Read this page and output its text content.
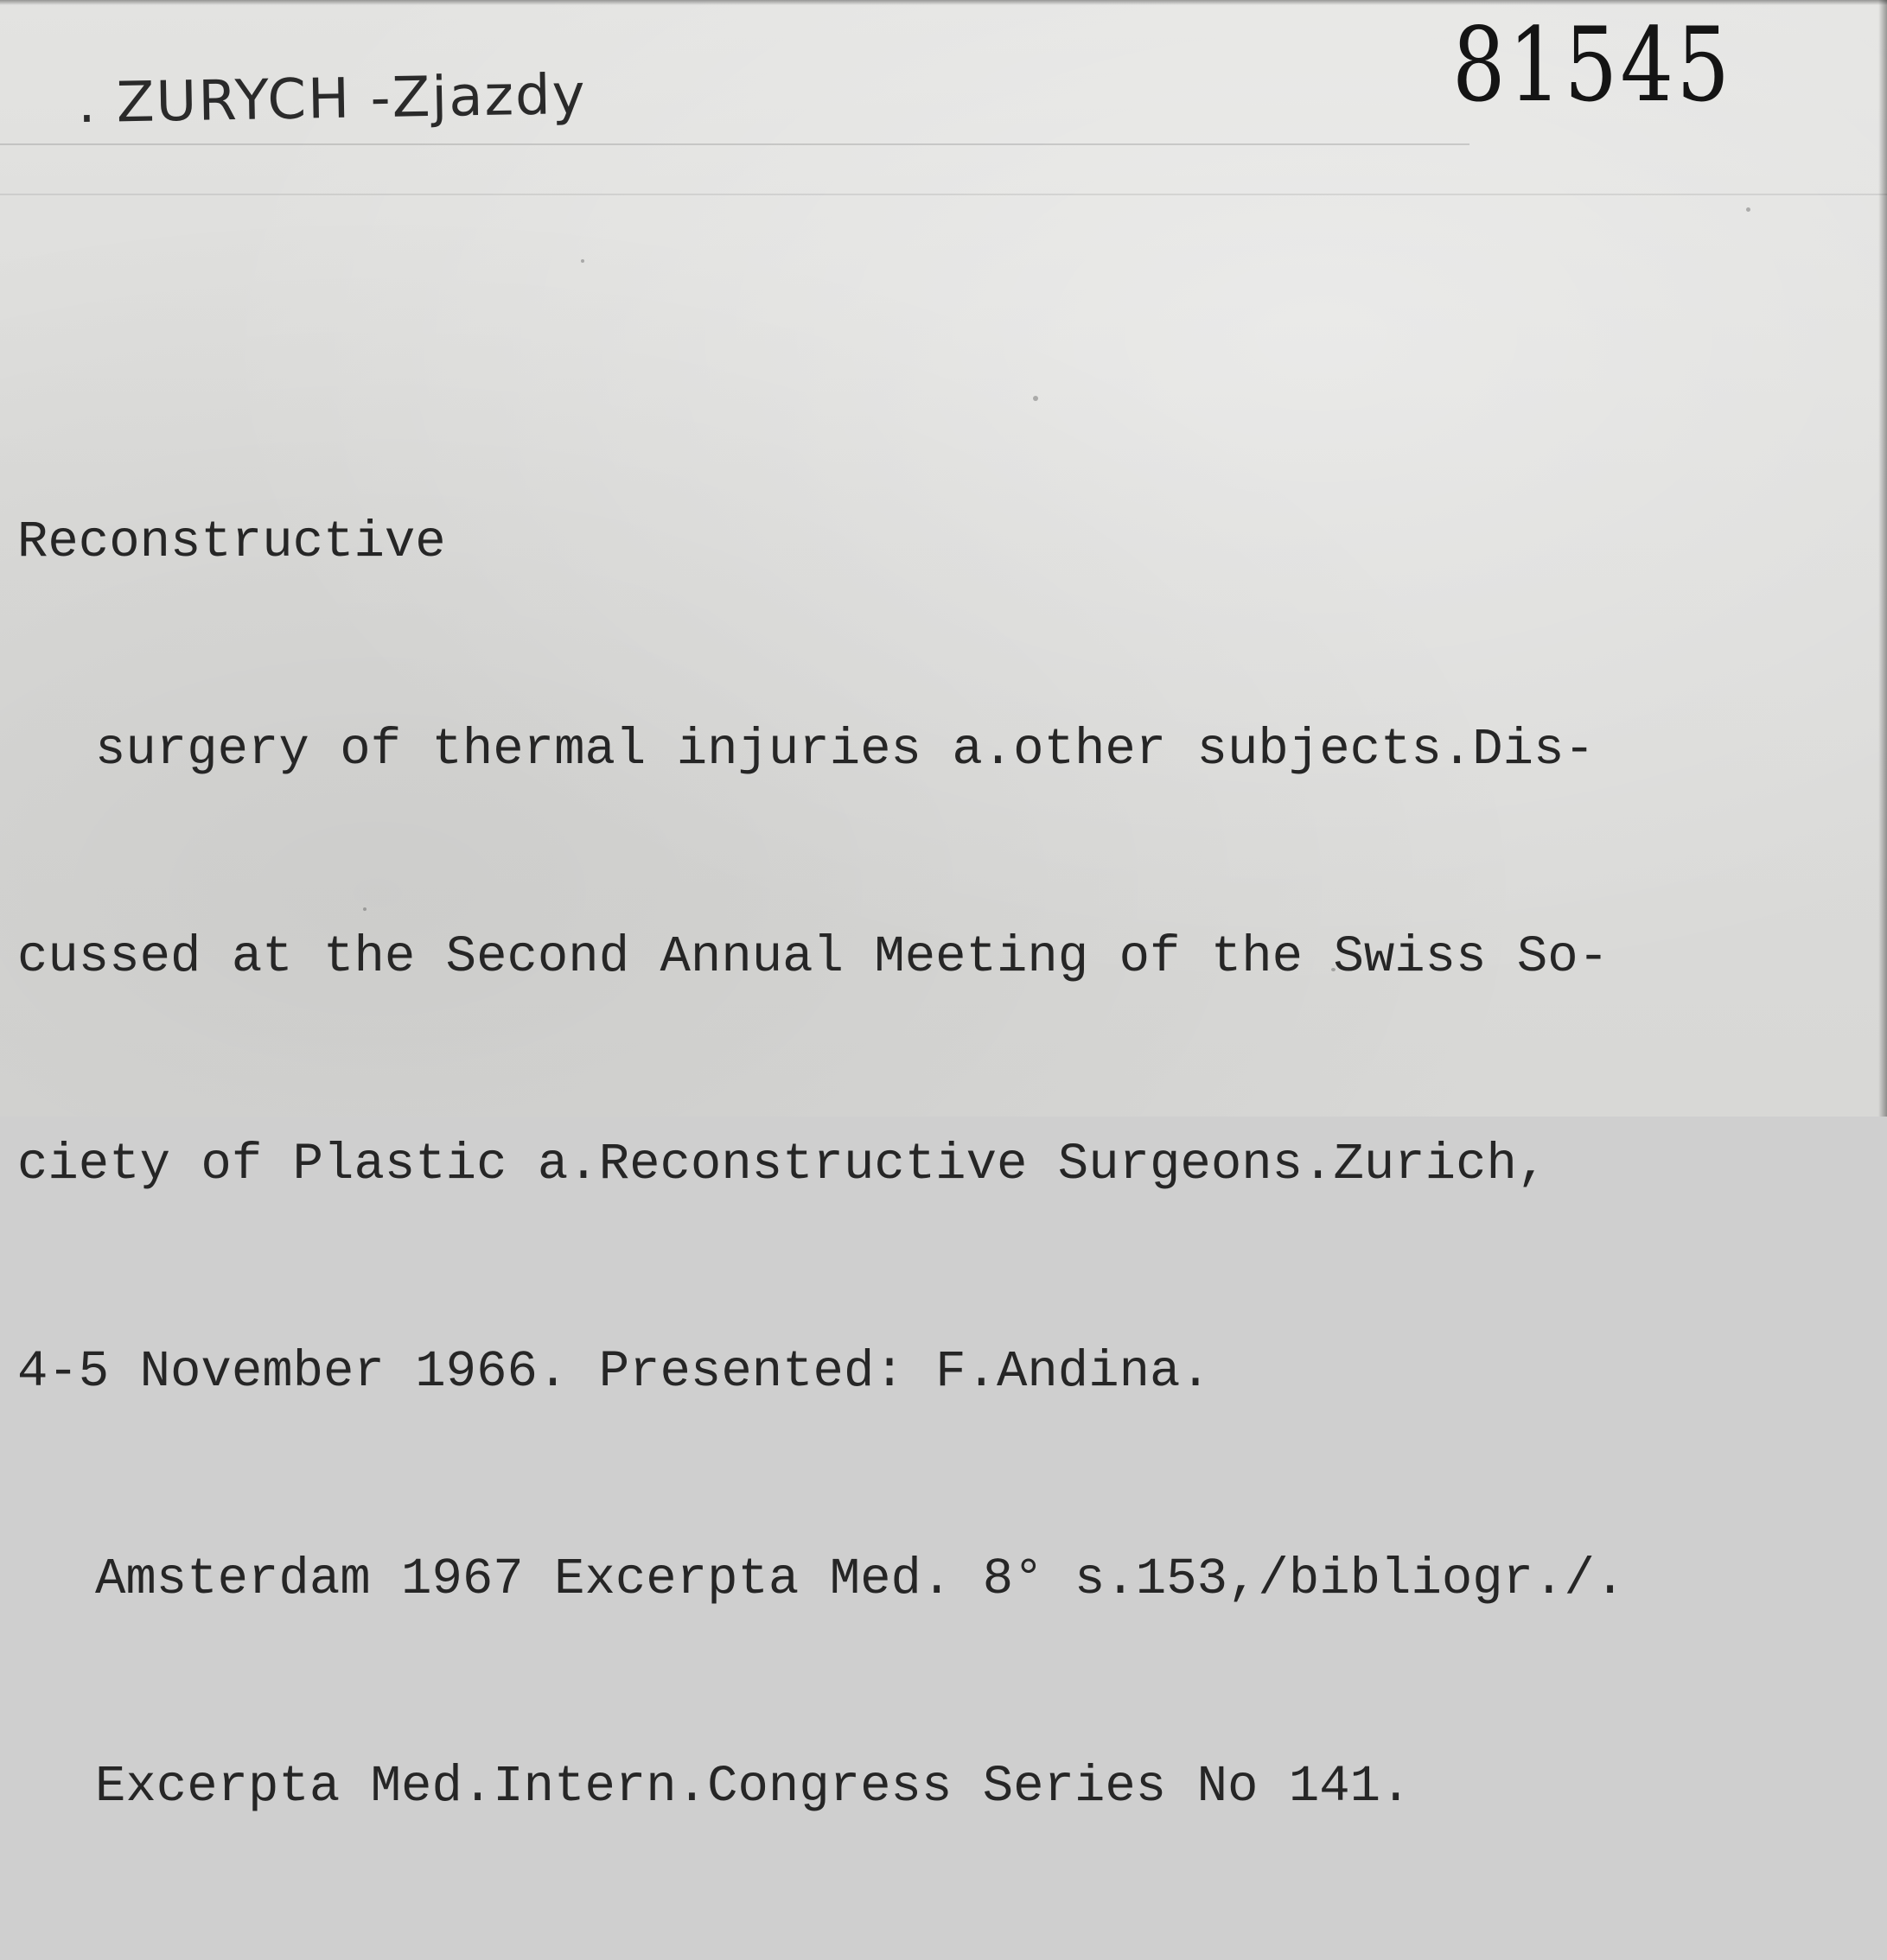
. ZURYCH -Zjazdy	81545

Reconstructive

surgery of thermal injuries a.other subjects.Dis-

cussed at the Second Annual Meeting of the Swiss So-

ciety of Plastic a.Reconstructive Surgeons.Zurich,

4-5 November 1966. Presented: F.Andina.

Amsterdam 1967 Excerpta Med. 8° s.153,/bibliogr./.

Excerpta Med.Intern.Congress Series No 141.
